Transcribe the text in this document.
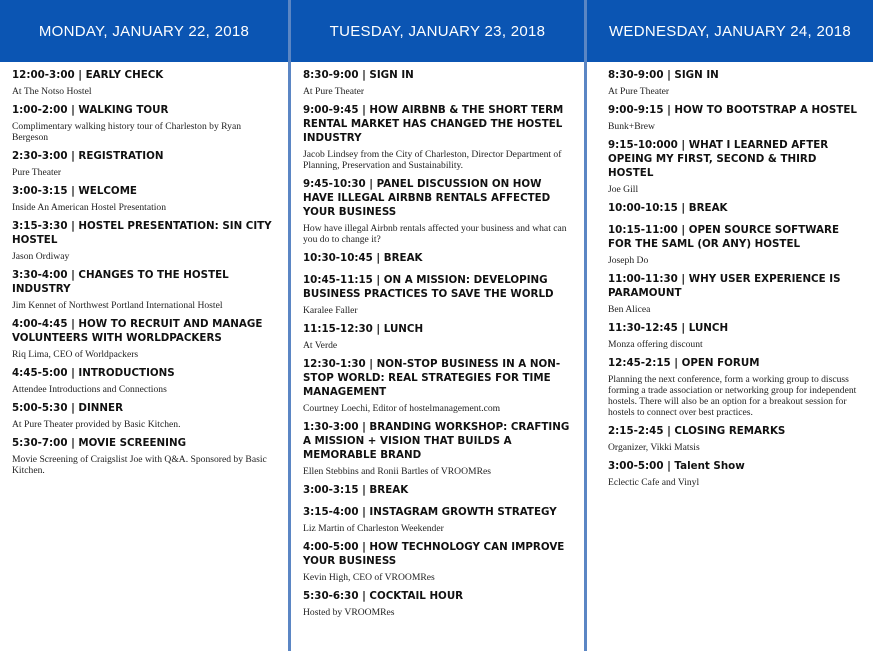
MONDAY, JANUARY 22, 2018
12:00-3:00 | EARLY CHECK
At The Notso Hostel
1:00-2:00 | WALKING TOUR
Complimentary walking history tour of Charleston by Ryan Bergeson
2:30-3:00 | REGISTRATION
Pure Theater
3:00-3:15 | WELCOME
Inside An American Hostel Presentation
3:15-3:30 | HOSTEL PRESENTATION: SIN CITY HOSTEL
Jason Ordiway
3:30-4:00 | CHANGES TO THE HOSTEL INDUSTRY
Jim Kennet of Northwest Portland International Hostel
4:00-4:45 | HOW TO RECRUIT AND MANAGE VOLUNTEERS WITH WORLDPACKERS
Riq Lima, CEO of Worldpackers
4:45-5:00 | INTRODUCTIONS
Attendee Introductions and Connections
5:00-5:30 | DINNER
At Pure Theater provided by Basic Kitchen.
5:30-7:00 | MOVIE SCREENING
Movie Screening of Craigslist Joe with Q&A. Sponsored by Basic Kitchen.
TUESDAY, JANUARY 23, 2018
8:30-9:00 | SIGN IN
At Pure Theater
9:00-9:45 | HOW AIRBNB & THE SHORT TERM RENTAL MARKET HAS CHANGED THE HOSTEL INDUSTRY
Jacob Lindsey from the City of Charleston, Director Department of Planning, Preservation and Sustainability.
9:45-10:30 | PANEL DISCUSSION ON HOW HAVE ILLEGAL AIRBNB RENTALS AFFECTED YOUR BUSINESS
How have illegal Airbnb rentals affected your business and what can you do to change it?
10:30-10:45 | BREAK
10:45-11:15 | ON A MISSION: DEVELOPING BUSINESS PRACTICES TO SAVE THE WORLD
Karalee Faller
11:15-12:30 | LUNCH
At Verde
12:30-1:30 | NON-STOP BUSINESS IN A NON-STOP WORLD: REAL STRATEGIES FOR TIME MANAGEMENT
Courtney Loechi, Editor of hostelmanagement.com
1:30-3:00 | BRANDING WORKSHOP: CRAFTING A MISSION + VISION THAT BUILDS A MEMORABLE BRAND
Ellen Stebbins and Ronii Bartles of VROOMRes
3:00-3:15 | BREAK
3:15-4:00 | INSTAGRAM GROWTH STRATEGY
Liz Martin of Charleston Weekender
4:00-5:00 | HOW TECHNOLOGY CAN IMPROVE YOUR BUSINESS
Kevin High, CEO of VROOMRes
5:30-6:30 | COCKTAIL HOUR
Hosted by VROOMRes
WEDNESDAY, JANUARY 24, 2018
8:30-9:00 | SIGN IN
At Pure Theater
9:00-9:15 | HOW TO BOOTSTRAP A HOSTEL
Bunk+Brew
9:15-10:000 | WHAT I LEARNED AFTER OPEING MY FIRST, SECOND & THIRD HOSTEL
Joe Gill
10:00-10:15 | BREAK
10:15-11:00 | OPEN SOURCE SOFTWARE FOR THE SAML (OR ANY) HOSTEL
Joseph Do
11:00-11:30 | WHY USER EXPERIENCE IS PARAMOUNT
Ben Alicea
11:30-12:45 | LUNCH
Monza offering discount
12:45-2:15 | OPEN FORUM
Planning the next conference, form a working group to discuss forming a trade association or networking group for independent hostels. There will also be an option for a breakout session for hostels to connect over best practices.
2:15-2:45 | CLOSING REMARKS
Organizer, Vikki Matsis
3:00-5:00 | Talent Show
Eclectic Cafe and Vinyl
